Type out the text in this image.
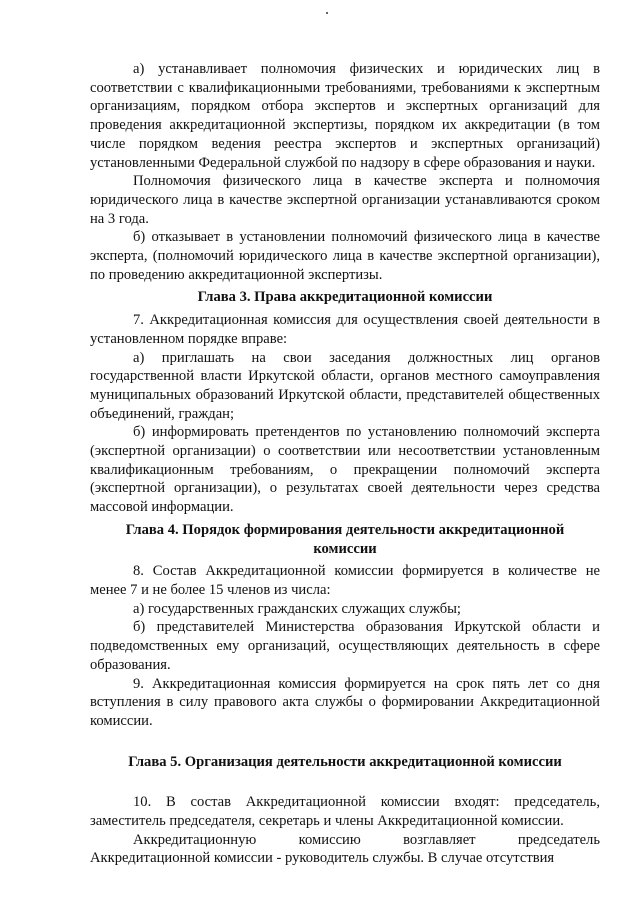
а) устанавливает полномочия физических и юридических лиц в соответствии с квалификационными требованиями, требованиями к экспертным организациям, порядком отбора экспертов и экспертных организаций для проведения аккредитационной экспертизы, порядком их аккредитации (в том числе порядком ведения реестра экспертов и экспертных организаций) установленными Федеральной службой по надзору в сфере образования и науки.

Полномочия физического лица в качестве эксперта и полномочия юридического лица в качестве экспертной организации устанавливаются сроком на 3 года.

б) отказывает в установлении полномочий физического лица в качестве эксперта, (полномочий юридического лица в качестве экспертной организации), по проведению аккредитационной экспертизы.

Глава 3. Права аккредитационной комиссии

7. Аккредитационная комиссия для осуществления своей деятельности в установленном порядке вправе:

а) приглашать на свои заседания должностных лиц органов государственной власти Иркутской области, органов местного самоуправления муниципальных образований Иркутской области, представителей общественных объединений, граждан;

б) информировать претендентов по установлению полномочий эксперта (экспертной организации) о соответствии или несоответствии установленным квалификационным требованиям, о прекращении полномочий эксперта (экспертной организации), о результатах своей деятельности через средства массовой информации.

Глава 4. Порядок формирования деятельности аккредитационной

комиссии

8. Состав Аккредитационной комиссии формируется в количестве не менее 7 и не более 15 членов из числа:

а) государственных гражданских служащих службы;

б) представителей Министерства образования Иркутской области и подведомственных ему организаций, осуществляющих деятельность в сфере образования.

9. Аккредитационная комиссия формируется на срок пять лет со дня вступления в силу правового акта службы о формировании Аккредитационной комиссии.

Глава 5. Организация деятельности аккредитационной комиссии

10. В состав Аккредитационной комиссии входят: председатель, заместитель председателя, секретарь и члены Аккредитационной комиссии.

Аккредитационную комиссию возглавляет председатель Аккредитационной комиссии - руководитель службы. В случае отсутствия
